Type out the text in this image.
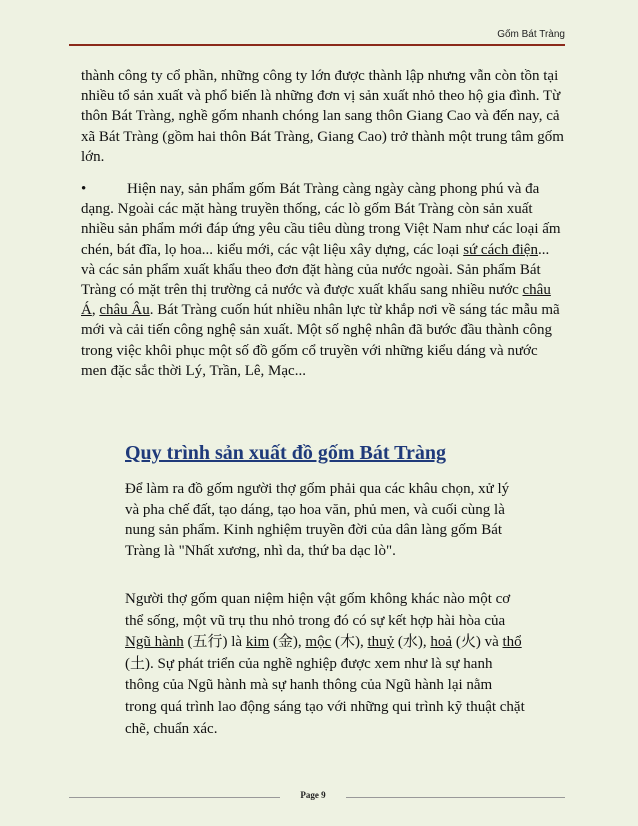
Gốm Bát Tràng

thành công ty cổ phần, những công ty lớn được thành lập nhưng vẫn còn tồn tại nhiều tổ sản xuất và phổ biến là những đơn vị sản xuất nhỏ theo hộ gia đình. Từ thôn Bát Tràng, nghề gốm nhanh chóng lan sang thôn Giang Cao và đến nay, cả xã Bát Tràng (gồm hai thôn Bát Tràng, Giang Cao) trở thành một trung tâm gốm lớn.

•	Hiện nay, sản phẩm gốm Bát Tràng càng ngày càng phong phú và đa dạng. Ngoài các mặt hàng truyền thống, các lò gốm Bát Tràng còn sản xuất nhiều sản phẩm mới đáp ứng yêu cầu tiêu dùng trong Việt Nam như các loại ấm chén, bát đĩa, lọ hoa... kiểu mới, các vật liệu xây dựng, các loại sứ cách điện... và các sản phẩm xuất khẩu theo đơn đặt hàng của nước ngoài. Sản phẩm Bát Tràng có mặt trên thị trường cả nước và được xuất khẩu sang nhiều nước châu Á, châu Âu. Bát Tràng cuốn hút nhiều nhân lực từ khắp nơi về sáng tác mẫu mã mới và cải tiến công nghệ sản xuất. Một số nghệ nhân đã bước đầu thành công trong việc khôi phục một số đồ gốm cổ truyền với những kiểu dáng và nước men đặc sắc thời Lý, Trần, Lê, Mạc...

Quy trình sản xuất đồ gốm Bát Tràng

Để làm ra đồ gốm người thợ gốm phải qua các khâu chọn, xử lý và pha chế đất, tạo dáng, tạo hoa văn, phủ men, và cuối cùng là nung sản phẩm. Kinh nghiệm truyền đời của dân làng gốm Bát Tràng là "Nhất xương, nhì da, thứ ba dạc lò".

Người thợ gốm quan niệm hiện vật gốm không khác nào một cơ thể sống, một vũ trụ thu nhỏ trong đó có sự kết hợp hài hòa của Ngũ hành (五行) là kim (金), mộc (木), thuỷ (水), hoả (火) và thổ (土). Sự phát triển của nghề nghiệp được xem như là sự hanh thông của Ngũ hành mà sự hanh thông của Ngũ hành lại nằm trong quá trình lao động sáng tạo với những qui trình kỹ thuật chặt chẽ, chuẩn xác.

Page 9
